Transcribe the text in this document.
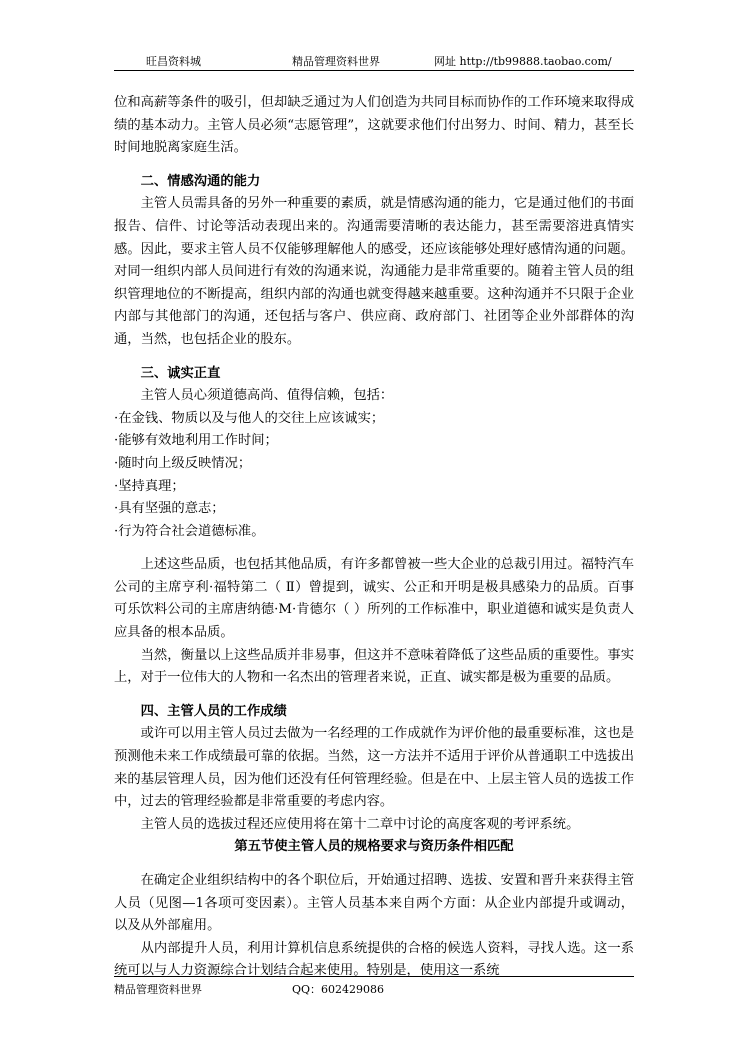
旺昌资料城	精品管理资料世界	网址 http://tb99888.taobao.com/

位和高薪等条件的吸引，但却缺乏通过为人们创造为共同目标而协作的工作环境来取得成绩的基本动力。主管人员必须“志愿管理”，这就要求他们付出努力、时间、精力，甚至长时间地脱离家庭生活。

二、情感沟通的能力

主管人员需具备的另外一种重要的素质，就是情感沟通的能力，它是通过他们的书面报告、信件、讨论等活动表现出来的。沟通需要清晰的表达能力，甚至需要溶进真情实感。因此，要求主管人员不仅能够理解他人的感受，还应该能够处理好感情沟通的问题。对同一组织内部人员间进行有效的沟通来说，沟通能力是非常重要的。随着主管人员的组织管理地位的不断提高，组织内部的沟通也就变得越来越重要。这种沟通并不只限于企业内部与其他部门的沟通，还包括与客户、供应商、政府部门、社团等企业外部群体的沟通，当然，也包括企业的股东。

三、诚实正直

主管人员心须道德高尚、值得信赖，包括：

·在金钱、物质以及与他人的交往上应该诚实；

·能够有效地利用工作时间；

·随时向上级反映情况；

·坚持真理；

·具有坚强的意志；

·行为符合社会道德标准。

上述这些品质，也包括其他品质，有许多都曾被一些大企业的总裁引用过。福特汽车公司的主席亨利·福特第二（ Ⅱ）曾提到，诚实、公正和开明是极具感染力的品质。百事可乐饮料公司的主席唐纳德·M·肯德尔（ ）所列的工作标准中，职业道德和诚实是负责人应具备的根本品质。

当然，衡量以上这些品质并非易事，但这并不意味着降低了这些品质的重要性。事实上，对于一位伟大的人物和一名杰出的管理者来说，正直、诚实都是极为重要的品质。

四、主管人员的工作成绩

或许可以用主管人员过去做为一名经理的工作成就作为评价他的最重要标准，这也是预测他未来工作成绩最可靠的依据。当然，这一方法并不适用于评价从普通职工中选拔出来的基层管理人员，因为他们还没有任何管理经验。但是在中、上层主管人员的选拔工作中，过去的管理经验都是非常重要的考虑内容。

主管人员的选拔过程还应使用将在第十二章中讨论的高度客观的考评系统。

第五节使主管人员的规格要求与资历条件相匹配

在确定企业组织结构中的各个职位后，开始通过招聘、选拔、安置和晋升来获得主管人员（见图—1各项可变因素）。主管人员基本来自两个方面：从企业内部提升或调动，以及从外部雇用。

从内部提升人员，利用计算机信息系统提供的合格的候选人资料，寻找人选。这一系统可以与人力资源综合计划结合起来使用。特别是，使用这一系统

精品管理资料世界	QQ：602429086
